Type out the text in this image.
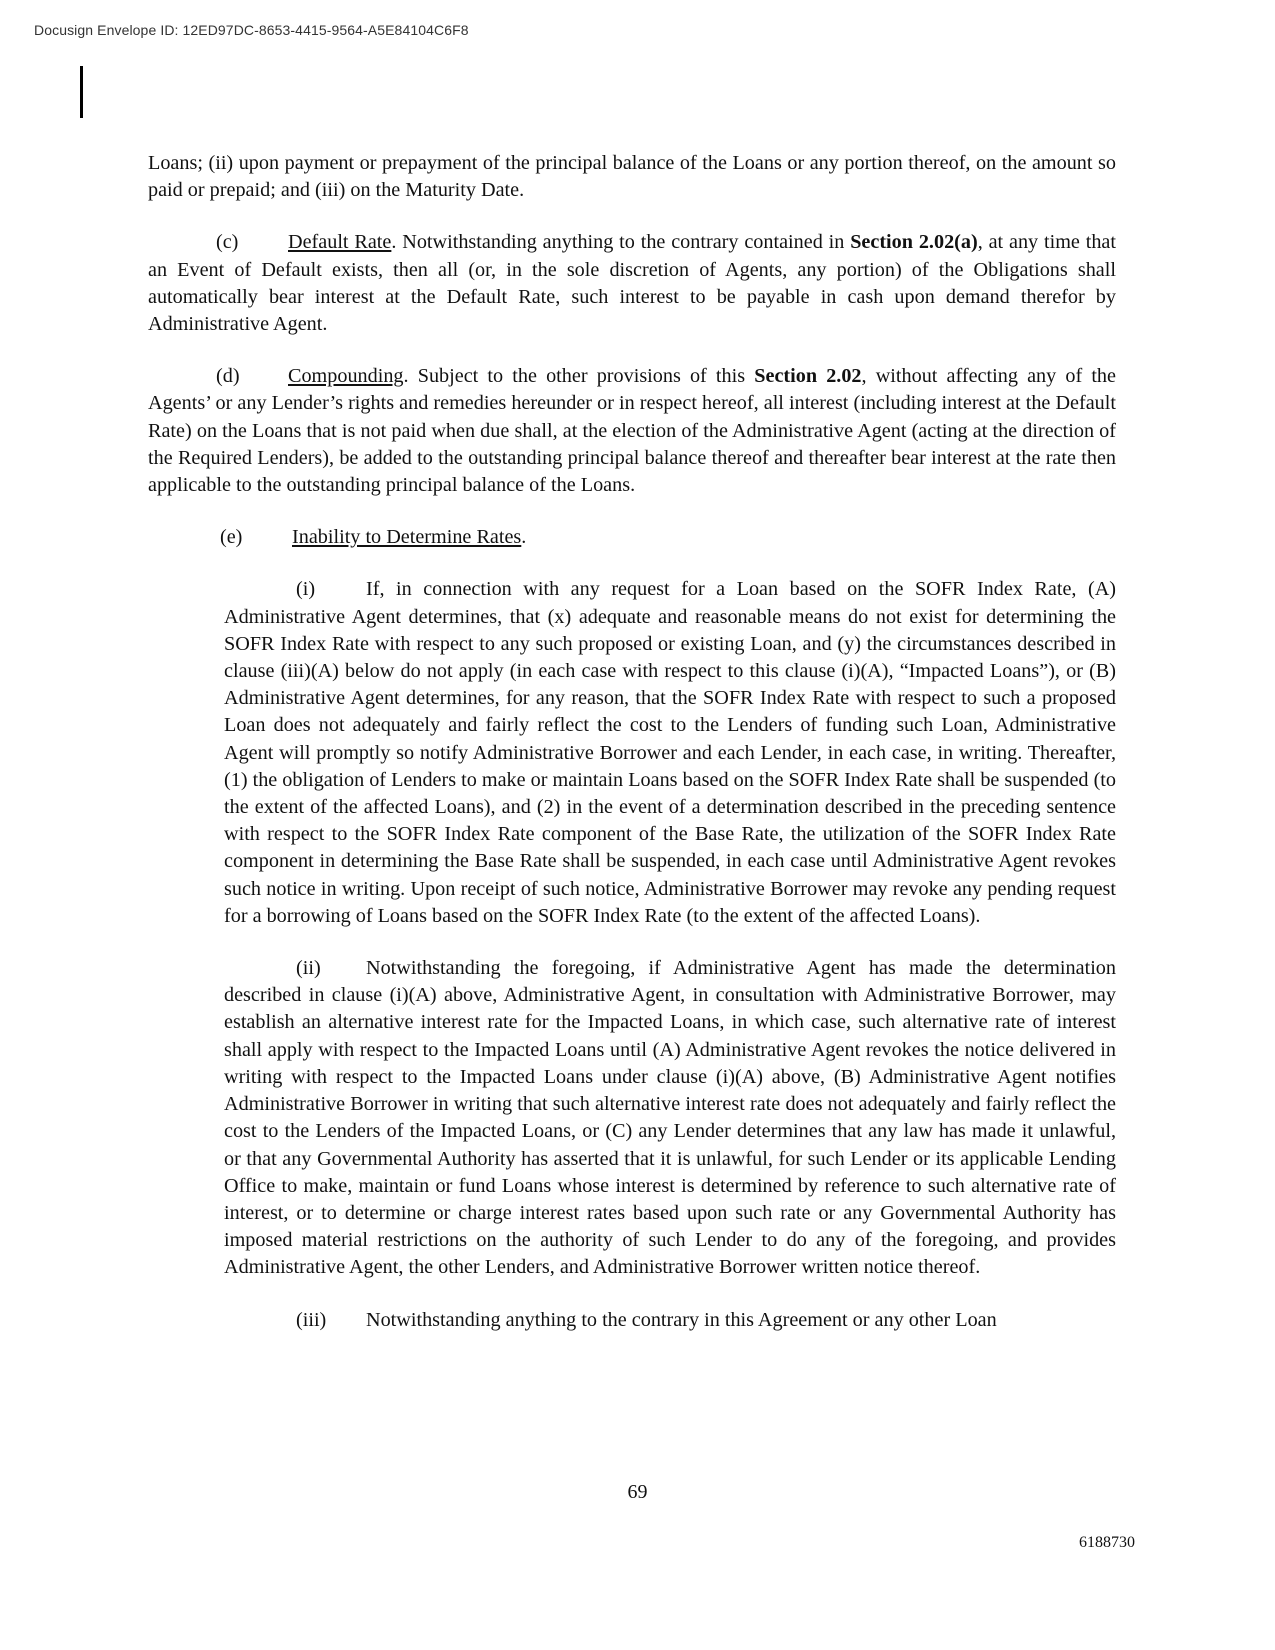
Docusign Envelope ID: 12ED97DC-8653-4415-9564-A5E84104C6F8

Loans; (ii) upon payment or prepayment of the principal balance of the Loans or any portion thereof, on the amount so paid or prepaid; and (iii) on the Maturity Date.

(c) Default Rate. Notwithstanding anything to the contrary contained in Section 2.02(a), at any time that an Event of Default exists, then all (or, in the sole discretion of Agents, any portion) of the Obligations shall automatically bear interest at the Default Rate, such interest to be payable in cash upon demand therefor by Administrative Agent.

(d) Compounding. Subject to the other provisions of this Section 2.02, without affecting any of the Agents’ or any Lender’s rights and remedies hereunder or in respect hereof, all interest (including interest at the Default Rate) on the Loans that is not paid when due shall, at the election of the Administrative Agent (acting at the direction of the Required Lenders), be added to the outstanding principal balance thereof and thereafter bear interest at the rate then applicable to the outstanding principal balance of the Loans.

(e) Inability to Determine Rates.

(i)	If, in connection with any request for a Loan based on the SOFR Index Rate, (A) Administrative Agent determines, that (x) adequate and reasonable means do not exist for determining the SOFR Index Rate with respect to any such proposed or existing Loan, and (y) the circumstances described in clause (iii)(A) below do not apply (in each case with respect to this clause (i)(A), “Impacted Loans”), or (B) Administrative Agent determines, for any reason, that the SOFR Index Rate with respect to such a proposed Loan does not adequately and fairly reflect the cost to the Lenders of funding such Loan, Administrative Agent will promptly so notify Administrative Borrower and each Lender, in each case, in writing. Thereafter, (1) the obligation of Lenders to make or maintain Loans based on the SOFR Index Rate shall be suspended (to the extent of the affected Loans), and (2) in the event of a determination described in the preceding sentence with respect to the SOFR Index Rate component of the Base Rate, the utilization of the SOFR Index Rate component in determining the Base Rate shall be suspended, in each case until Administrative Agent revokes such notice in writing. Upon receipt of such notice, Administrative Borrower may revoke any pending request for a borrowing of Loans based on the SOFR Index Rate (to the extent of the affected Loans).

(ii) Notwithstanding the foregoing, if Administrative Agent has made the determination described in clause (i)(A) above, Administrative Agent, in consultation with Administrative Borrower, may establish an alternative interest rate for the Impacted Loans, in which case, such alternative rate of interest shall apply with respect to the Impacted Loans until (A) Administrative Agent revokes the notice delivered in writing with respect to the Impacted Loans under clause (i)(A) above, (B) Administrative Agent notifies Administrative Borrower in writing that such alternative interest rate does not adequately and fairly reflect the cost to the Lenders of the Impacted Loans, or (C) any Lender determines that any law has made it unlawful, or that any Governmental Authority has asserted that it is unlawful, for such Lender or its applicable Lending Office to make, maintain or fund Loans whose interest is determined by reference to such alternative rate of interest, or to determine or charge interest rates based upon such rate or any Governmental Authority has imposed material restrictions on the authority of such Lender to do any of the foregoing, and provides Administrative Agent, the other Lenders, and Administrative Borrower written notice thereof.

(iii) Notwithstanding anything to the contrary in this Agreement or any other Loan

69
6188730
